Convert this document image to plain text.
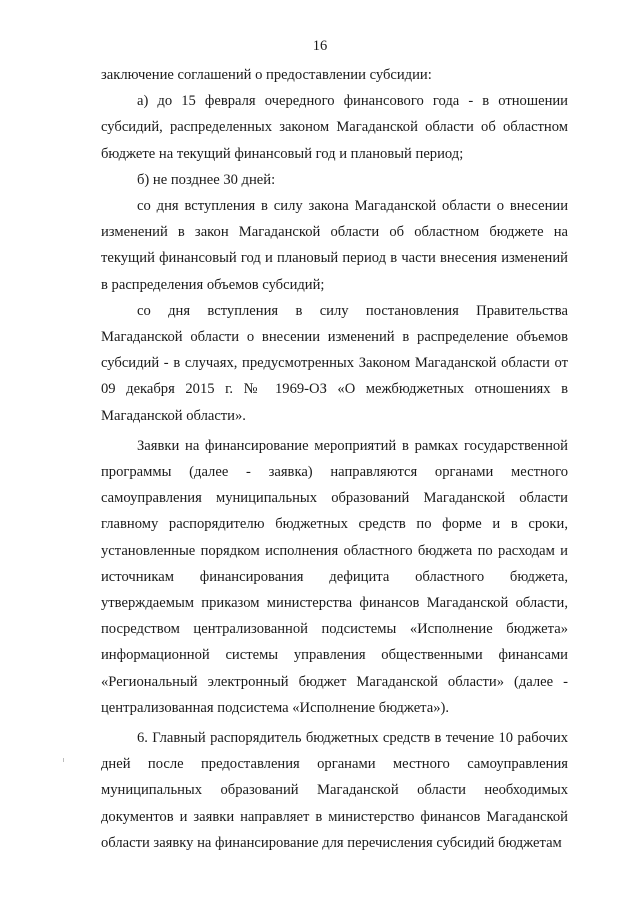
16

заключение соглашений о предоставлении субсидии:

а) до 15 февраля очередного финансового года - в отношении субсидий, распределенных законом Магаданской области об областном бюджете на текущий финансовый год и плановый период;

б) не позднее 30 дней:

со дня вступления в силу закона Магаданской области о внесении изменений в закон Магаданской области об областном бюджете на текущий финансовый год и плановый период в части внесения изменений в распределения объемов субсидий;

со дня вступления в силу постановления Правительства Магаданской области о внесении изменений в распределение объемов субсидий - в случаях, предусмотренных Законом Магаданской области от 09 декабря 2015 г. № 1969-ОЗ «О межбюджетных отношениях в Магаданской области».

Заявки на финансирование мероприятий в рамках государственной программы (далее - заявка) направляются органами местного самоуправления муниципальных образований Магаданской области главному распорядителю бюджетных средств по форме и в сроки, установленные порядком исполнения областного бюджета по расходам и источникам финансирования дефицита областного бюджета, утверждаемым приказом министерства финансов Магаданской области, посредством централизованной подсистемы «Исполнение бюджета» информационной системы управления общественными финансами «Региональный электронный бюджет Магаданской области» (далее - централизованная подсистема «Исполнение бюджета»).

6. Главный распорядитель бюджетных средств в течение 10 рабочих дней после предоставления органами местного самоуправления муниципальных образований Магаданской области необходимых документов и заявки направляет в министерство финансов Магаданской области заявку на финансирование для перечисления субсидий бюджетам
